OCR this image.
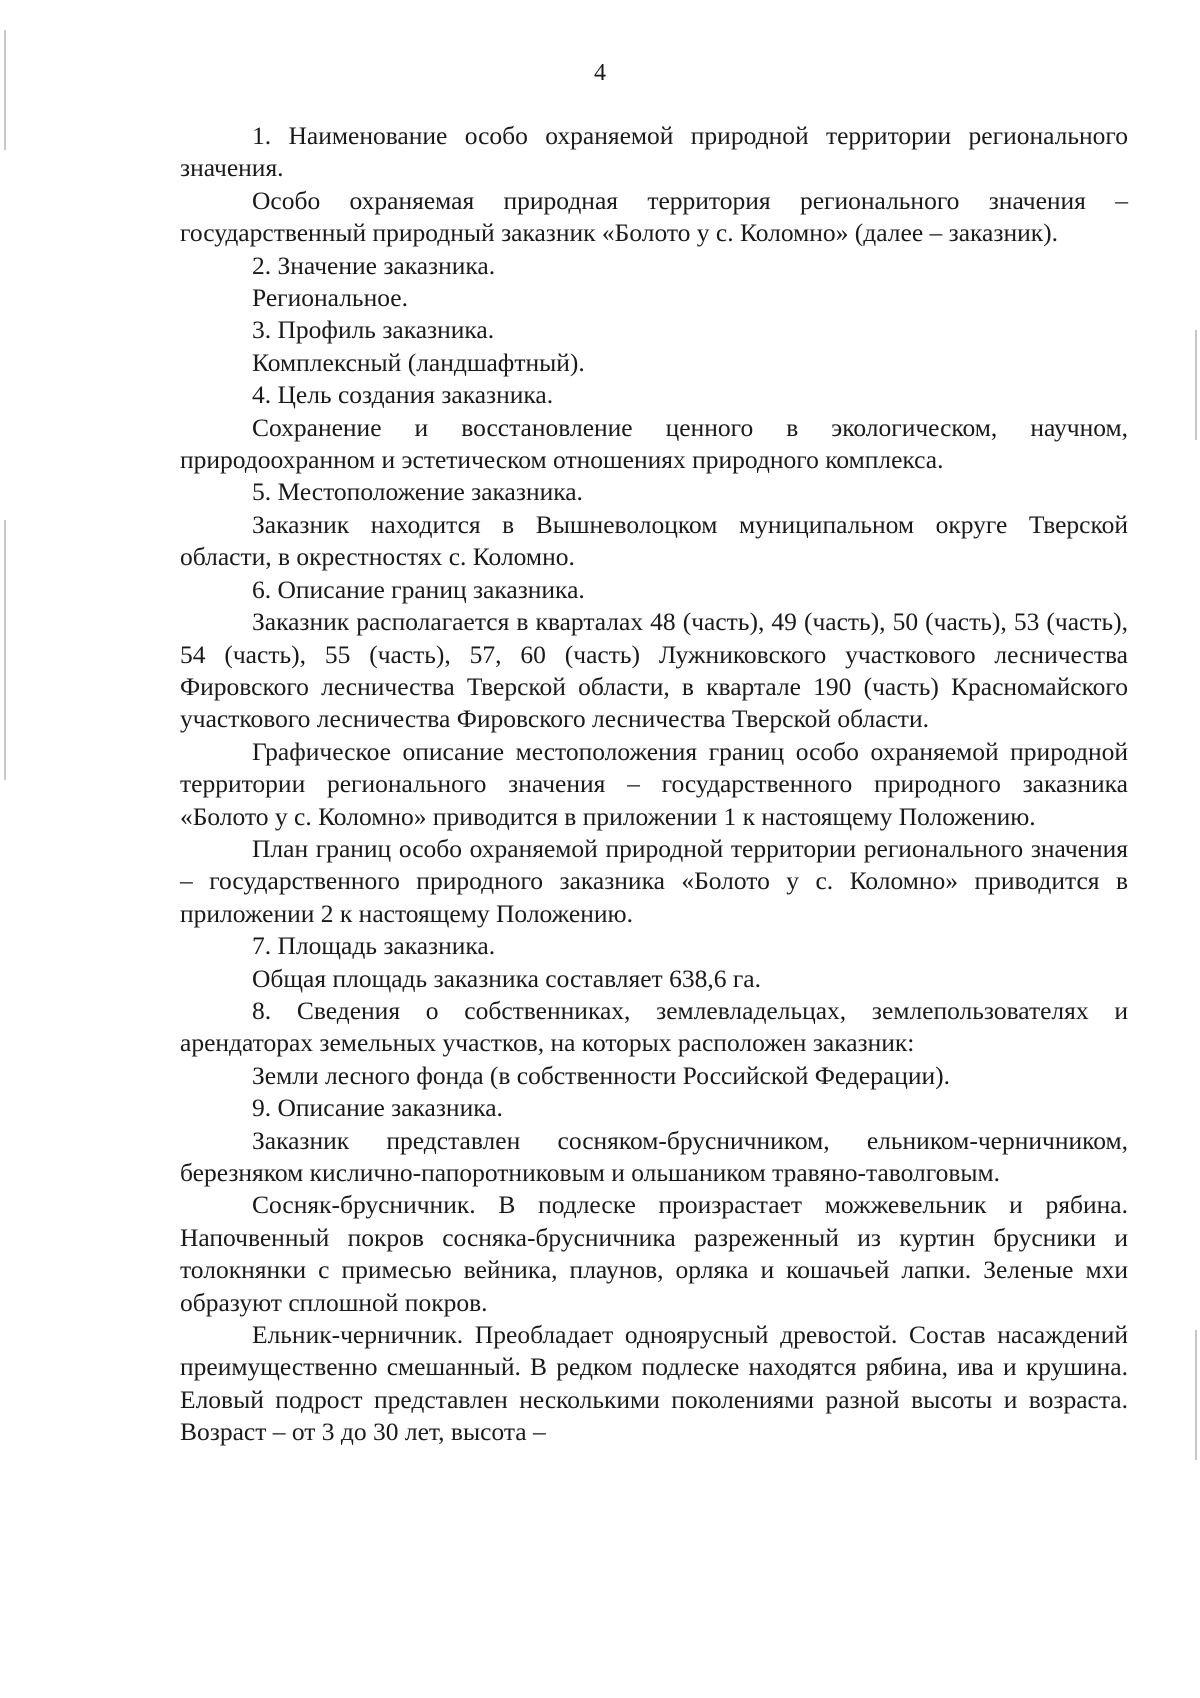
4

1. Наименование особо охраняемой природной территории регионального значения.

Особо охраняемая природная территория регионального значения – государственный природный заказник «Болото у с. Коломно» (далее – заказник).

2. Значение заказника.

Региональное.

3. Профиль заказника.

Комплексный (ландшафтный).

4. Цель создания заказника.

Сохранение и восстановление ценного в экологическом, научном, природоохранном и эстетическом отношениях природного комплекса.

5. Местоположение заказника.

Заказник находится в Вышневолоцком муниципальном округе Тверской области, в окрестностях с. Коломно.

6. Описание границ заказника.

Заказник располагается в кварталах 48 (часть), 49 (часть), 50 (часть), 53 (часть), 54 (часть), 55 (часть), 57, 60 (часть) Лужниковского участкового лесничества Фировского лесничества Тверской области, в квартале 190 (часть) Красномайского участкового лесничества Фировского лесничества Тверской области.

Графическое описание местоположения границ особо охраняемой природной территории регионального значения – государственного природного заказника «Болото у с. Коломно» приводится в приложении 1 к настоящему Положению.

План границ особо охраняемой природной территории регионального значения – государственного природного заказника «Болото у с. Коломно» приводится в приложении 2 к настоящему Положению.

7. Площадь заказника.

Общая площадь заказника составляет 638,6 га.

8. Сведения о собственниках, землевладельцах, землепользователях и арендаторах земельных участков, на которых расположен заказник:

Земли лесного фонда (в собственности Российской Федерации).

9. Описание заказника.

Заказник представлен сосняком-брусничником, ельником-черничником, березняком кислично-папоротниковым и ольшаником травяно-таволговым.

Сосняк-брусничник. В подлеске произрастает можжевельник и рябина. Напочвенный покров сосняка-брусничника разреженный из куртин брусники и толокнянки с примесью вейника, плаунов, орляка и кошачьей лапки. Зеленые мхи образуют сплошной покров.

Ельник-черничник. Преобладает одноярусный древостой. Состав насаждений преимущественно смешанный. В редком подлеске находятся рябина, ива и крушина. Еловый подрост представлен несколькими поколениями разной высоты и возраста. Возраст – от 3 до 30 лет, высота –
